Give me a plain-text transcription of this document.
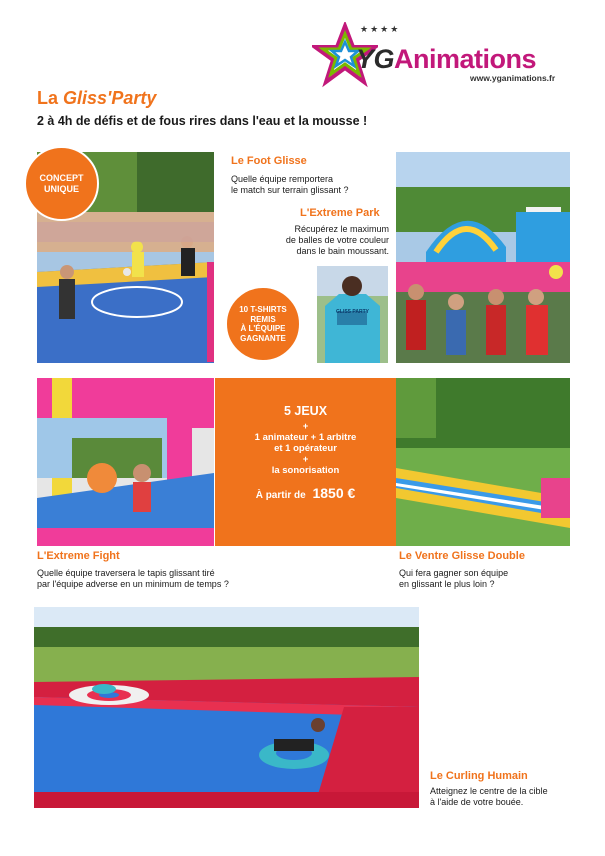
★★★★
YGAnimations
www.yganimations.fr
La Gliss'Party
2 à 4h de défis et de fous rires dans l'eau et la mousse !
CONCEPT
UNIQUE
Le Foot Glisse
Quelle équipe remportera
le match sur terrain glissant ?
L'Extreme Park
Récupérez le maximum
de balles de votre couleur
dans le bain moussant.
GLISS PARTY
10 T-SHIRTS
REMIS
À L'ÉQUIPE
GAGNANTE
5 JEUX
+
1 animateur + 1 arbitre
et 1 opérateur
+
la sonorisation
À partir de 1850 €
L'Extreme Fight
Quelle équipe traversera le tapis glissant tiré
par l'équipe adverse en un minimum de temps ?
Le Ventre Glisse Double
Qui fera gagner son équipe
en glissant le plus loin ?
Le Curling Humain
Atteignez le centre de la cible
à l'aide de votre bouée.
